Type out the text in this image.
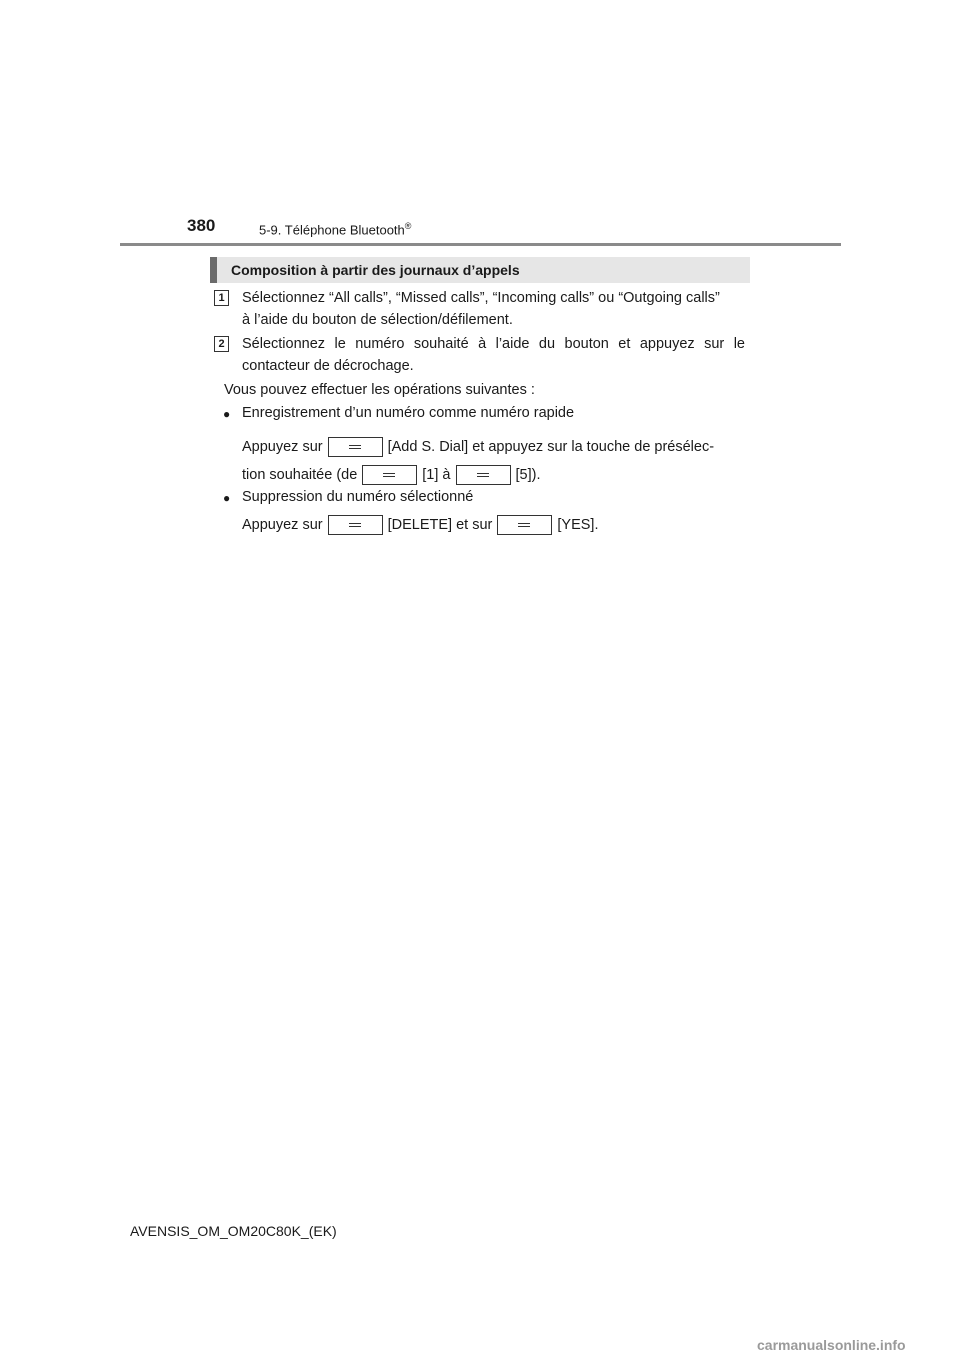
380	5-9. Téléphone Bluetooth®
Composition à partir des journaux d’appels
1	Sélectionnez “All calls”, “Missed calls”, “Incoming calls” ou “Outgoing calls”
à l’aide du bouton de sélection/défilement.
2	Sélectionnez le numéro souhaité à l’aide du bouton et appuyez sur le
contacteur de décrochage.
Vous pouvez effectuer les opérations suivantes :
● Enregistrement d’un numéro comme numéro rapide
Appuyez sur	[Add S. Dial] et appuyez sur la touche de présélec-
tion souhaitée (de	[1] à	[5]).
● Suppression du numéro sélectionné
Appuyez sur	[DELETE] et sur	[YES].
AVENSIS_OM_OM20C80K_(EK)
carmanualsonline.info
